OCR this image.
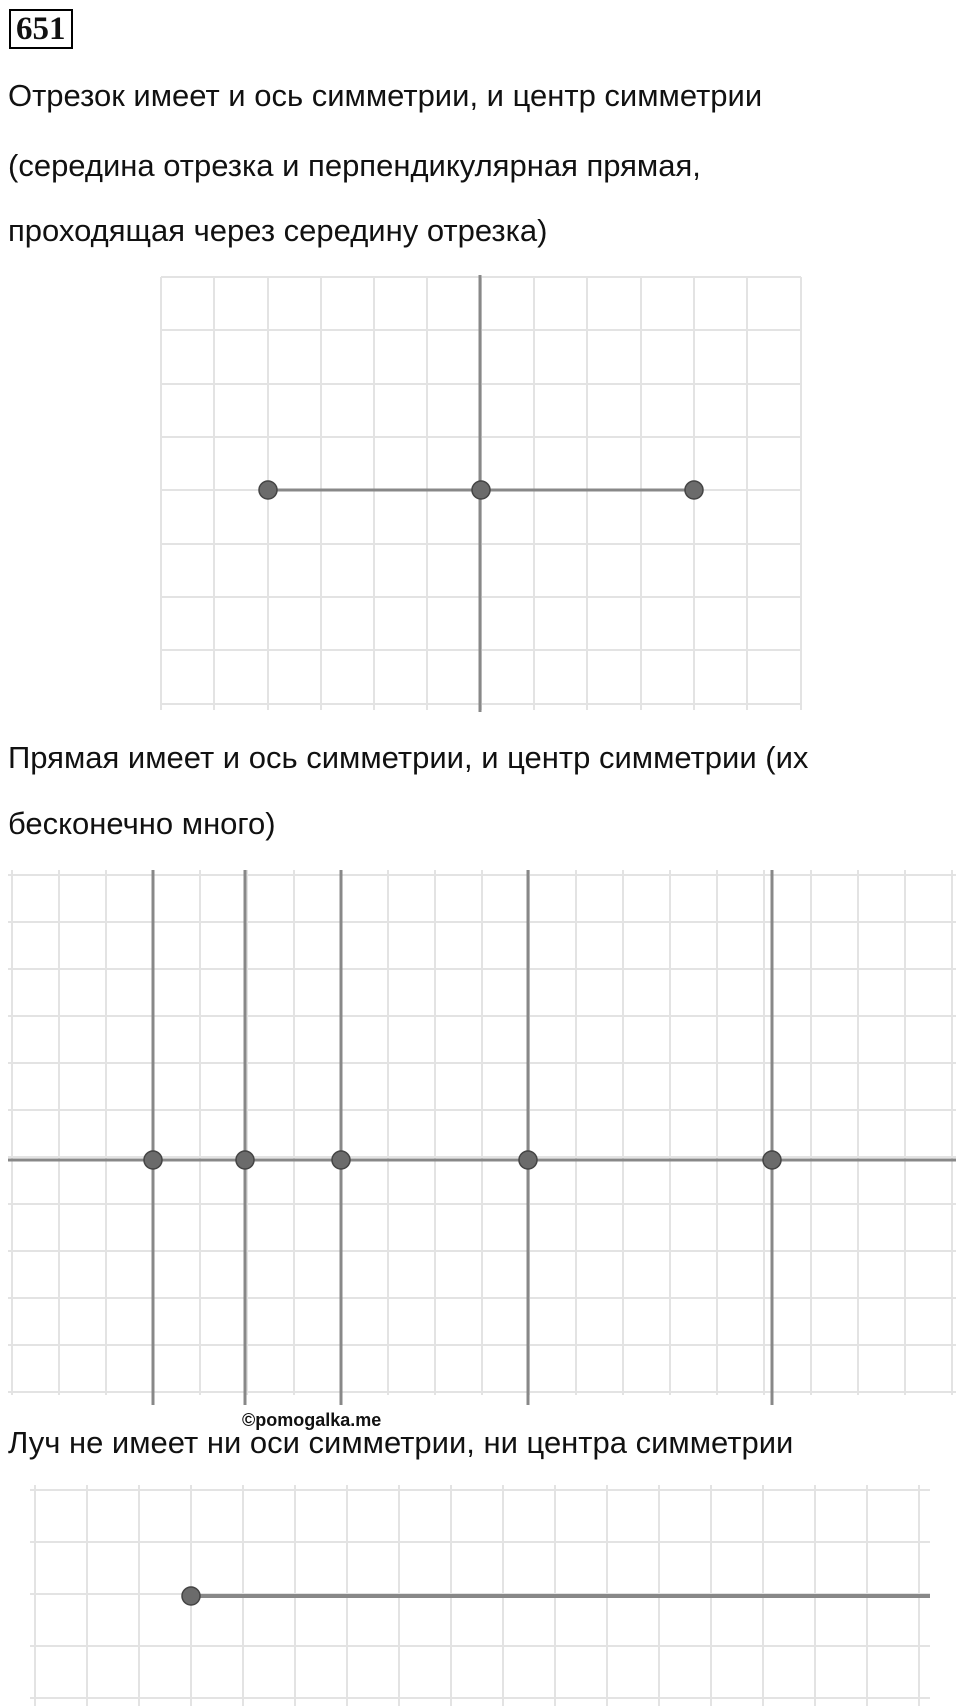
651
Отрезок имеет и ось симметрии, и центр симметрии
(середина отрезка и перпендикулярная прямая,
проходящая через середину отрезка)
Прямая имеет и ось симметрии, и центр симметрии (их
бесконечно много)
©pomogalka.me
Луч не имеет ни оси симметрии, ни центра симметрии
